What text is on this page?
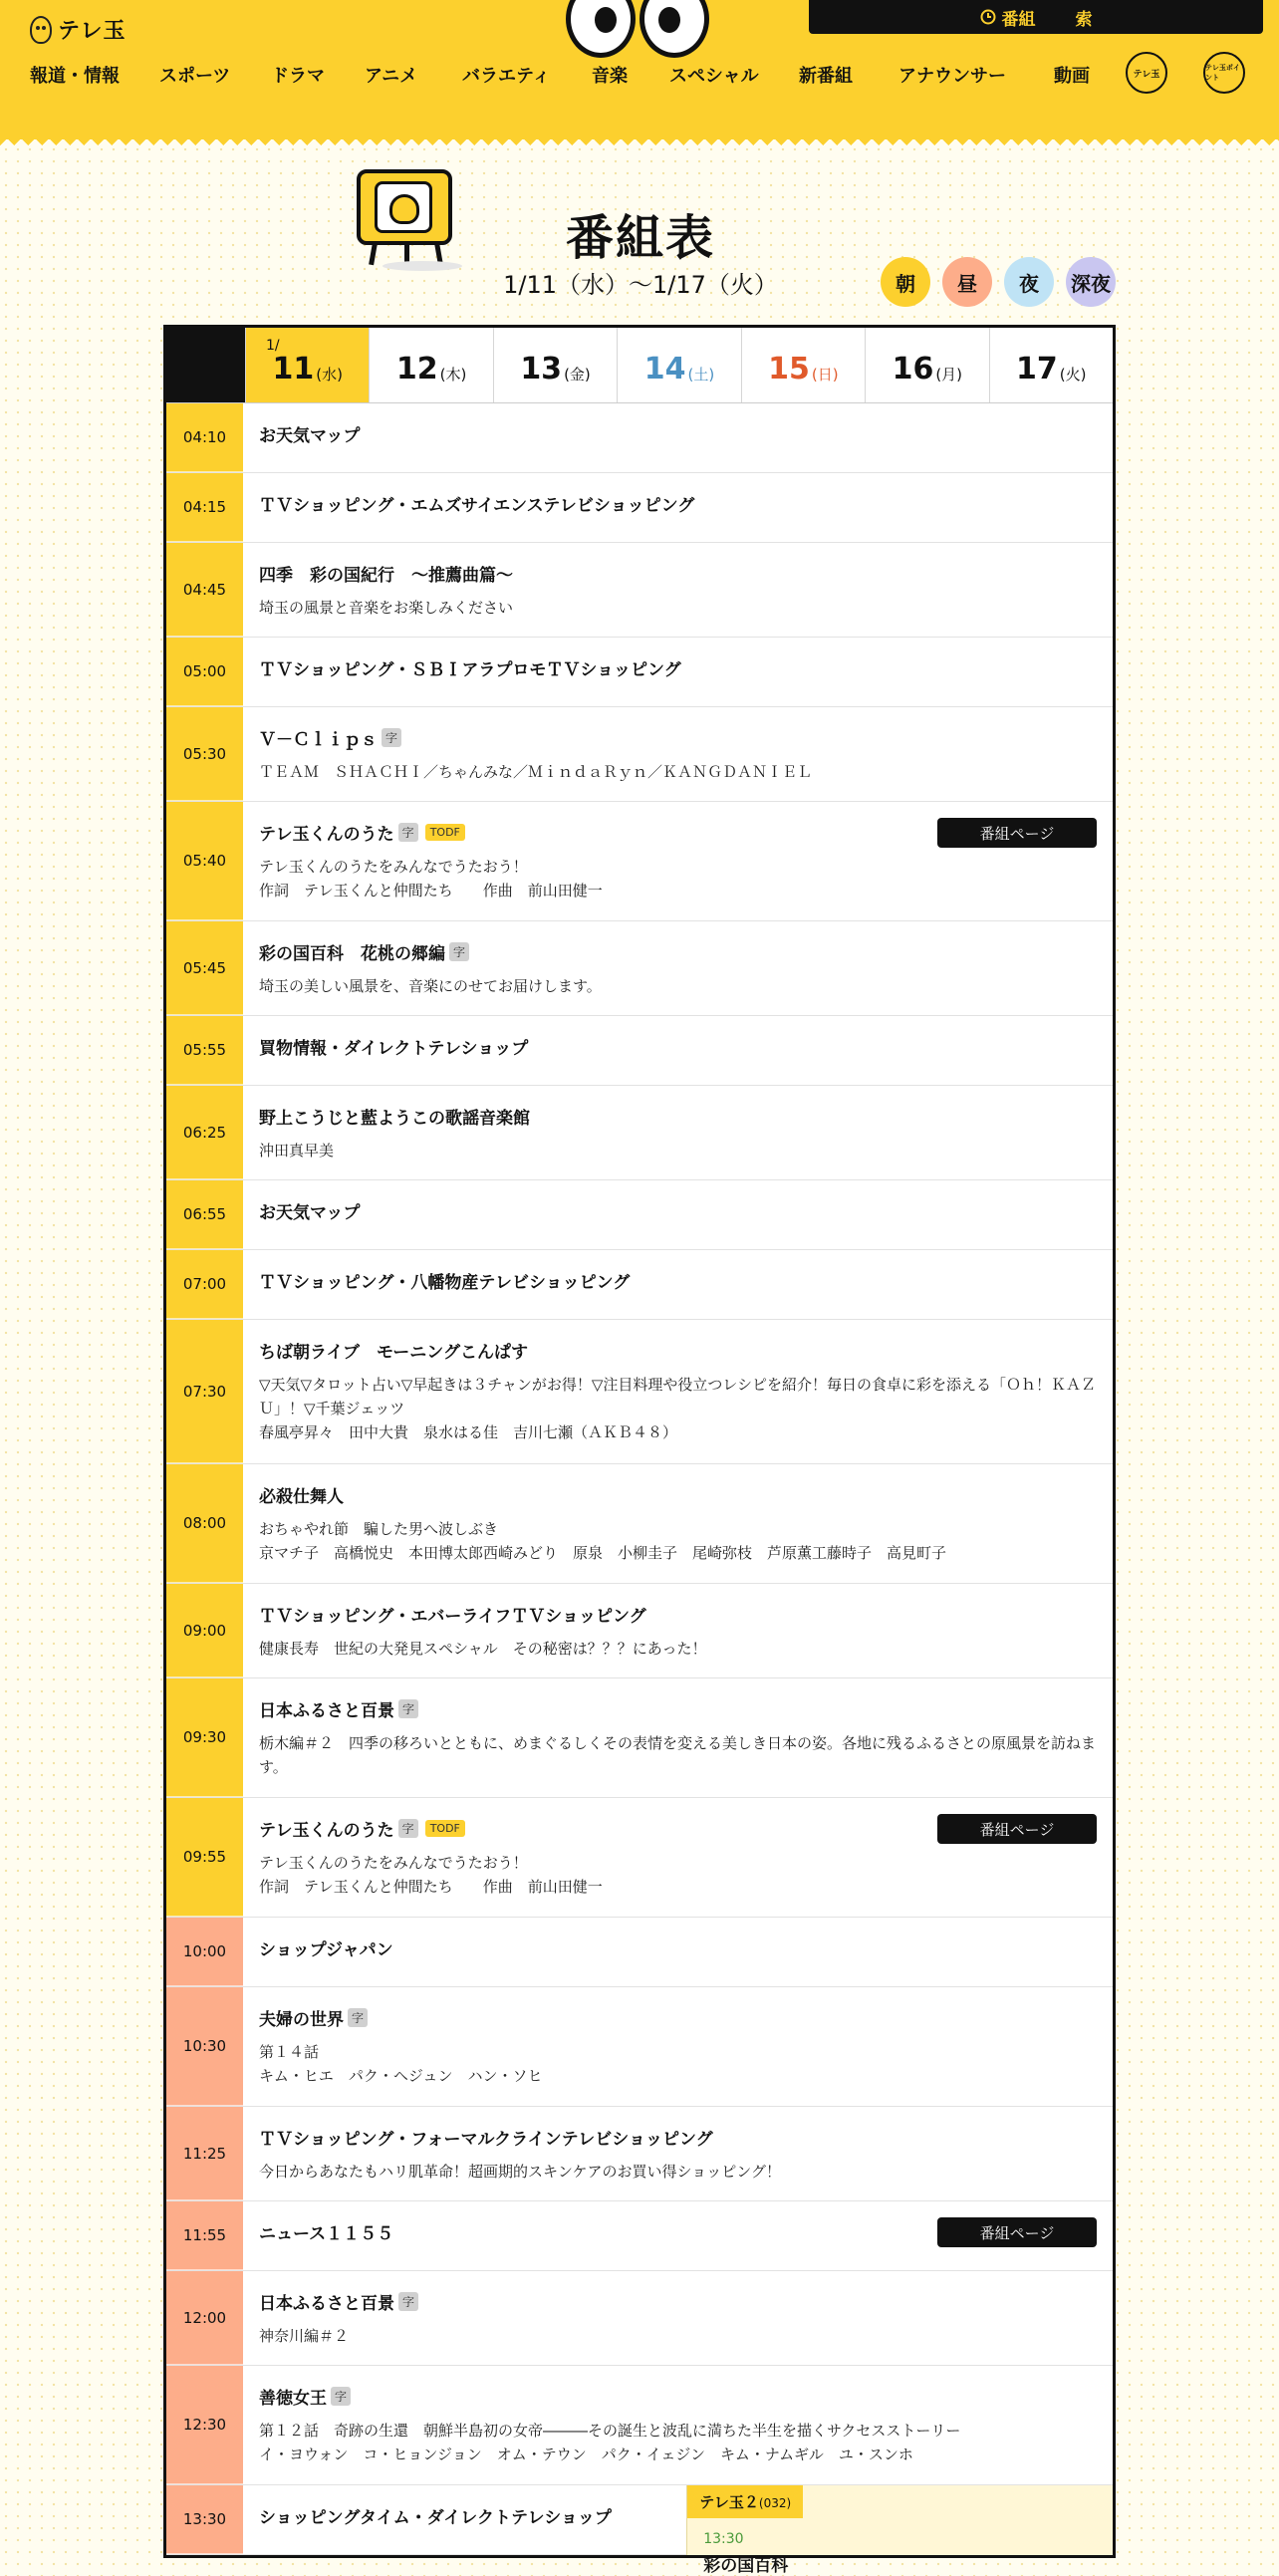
テレ玉	番組 索
報道・情報 スポーツ ドラマ アニメ バラエティ 音楽 スペシャル 新番組	アナウンサー	動画	テレ玉
テレ玉ポイント
番組表
1/11（水）〜1/17（火）	朝	昼	夜	深夜
1/
11 (水) 12 (木) 13 (金) 14 (土) 15 (日) 16 (月) 17 (火)
04:10	お天気マップ
04:15	ＴＶショッピング・エムズサイエンステレビショッピング
04:45
四季　彩の国紀行　～推薦曲篇～
埼玉の風景と音楽をお楽しみください
05:00	ＴＶショッピング・ＳＢＩアラプロモＴＶショッピング
05:30
Ｖ－Ｃｌｉｐｓ 字
ＴＥＡＭ　ＳＨＡＣＨＩ／ちゃんみな／ＭｉｎｄａＲｙｎ／ＫＡＮＧＤＡＮＩＥＬ
05:40
テレ玉くんのうた 字	TODF
テレ玉くんのうたをみんなでうたおう！
作詞　テレ玉くんと仲間たち　　作曲　前山田健一
番組ページ
05:45
彩の国百科　花桃の郷編 字
埼玉の美しい風景を、音楽にのせてお届けします。
05:55	買物情報・ダイレクトテレショップ
06:25
野上こうじと藍ようこの歌謡音楽館
沖田真早美
06:55	お天気マップ
07:00	ＴＶショッピング・八幡物産テレビショッピング
07:30
ちば朝ライブ　モーニングこんぱす
▽天気▽タロット占い▽早起きは３チャンがお得！▽注目料理や役立つレシピを紹介！毎日の食卓に彩を添える「Ｏｈ！ＫＡＺＵ」！▽千葉ジェッツ
春風亭昇々　田中大貴　泉水はる佳　吉川七瀬（ＡＫＢ４８）
08:00
必殺仕舞人
おちゃやれ節　騙した男へ波しぶき
京マチ子　高橋悦史　本田博太郎西崎みどり　原泉　小柳圭子　尾崎弥枝　芦原薫工藤時子　高見町子
09:00
ＴＶショッピング・エバーライフＴＶショッピング
健康長寿　世紀の大発見スペシャル　その秘密は？？？にあった！
09:30
日本ふるさと百景 字
栃木編＃２　四季の移ろいとともに、めまぐるしくその表情を変える美しき日本の姿。各地に残るふるさとの原風景を訪ねます。
09:55
テレ玉くんのうた 字	TODF
テレ玉くんのうたをみんなでうたおう！
作詞　テレ玉くんと仲間たち　　作曲　前山田健一
番組ページ
10:00	ショップジャパン
10:30
夫婦の世界 字
第１４話
キム・ヒエ　パク・ヘジュン　ハン・ソヒ
11:25
ＴＶショッピング・フォーマルクラインテレビショッピング
今日からあなたもハリ肌革命！超画期的スキンケアのお買い得ショッピング！
11:55	ニュース１１５５	番組ページ
12:00
日本ふるさと百景 字
神奈川編＃２
12:30
善徳女王 字
第１２話　奇跡の生還　朝鮮半島初の女帝―――その誕生と波乱に満ちた半生を描くサクセスストーリー
イ・ヨウォン　コ・ヒョンジョン　オム・テウン　パク・イェジン　キム・ナムギル　ユ・スンホ
13:30	ショッピングタイム・ダイレクトテレショップ
テレ玉２(032)
13:30
彩の国百科
